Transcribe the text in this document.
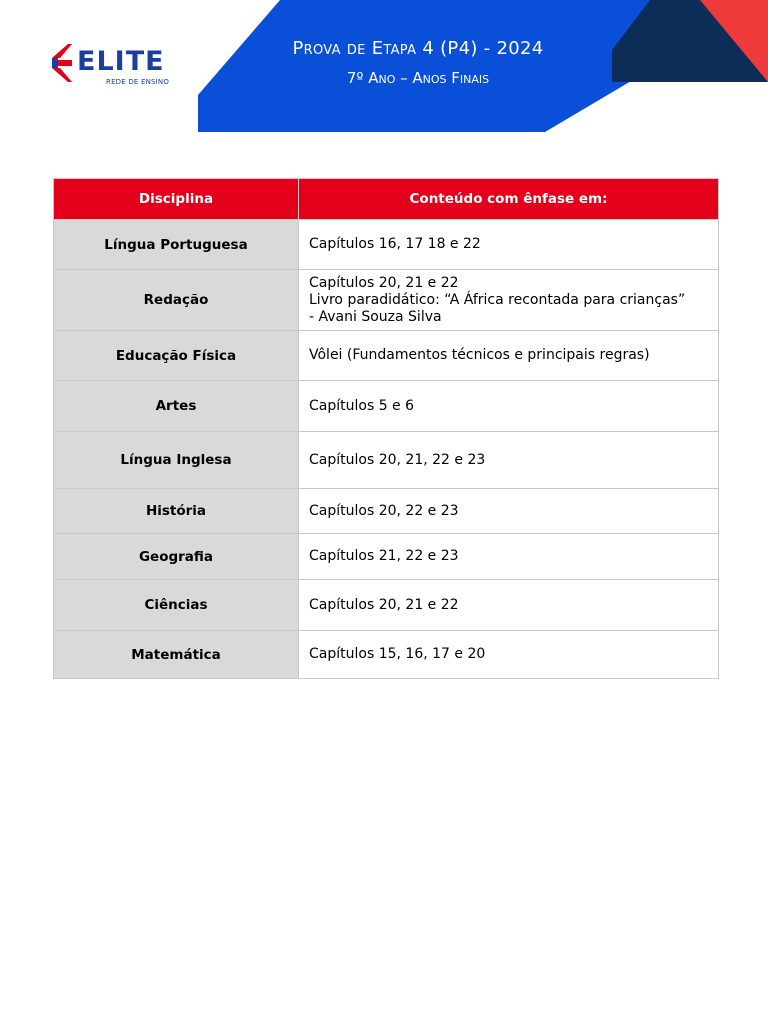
ELITE
REDE DE ENSINO
Prova de Etapa 4 (P4) - 2024
7º Ano – Anos Finais
Disciplina	Conteúdo com ênfase em:
Língua Portuguesa	Capítulos 16, 17 18 e 22

Redação	Capítulos 20, 21 e 22
Livro paradidático: “A África recontada para crianças”
- Avani Souza Silva

Educação Física	Vôlei (Fundamentos técnicos e principais regras)

Artes	Capítulos 5 e 6

Língua Inglesa	Capítulos 20, 21, 22 e 23

História	Capítulos 20, 22 e 23

Geografia	Capítulos 21, 22 e 23

Ciências	Capítulos 20, 21 e 22

Matemática	Capítulos 15, 16, 17 e 20
